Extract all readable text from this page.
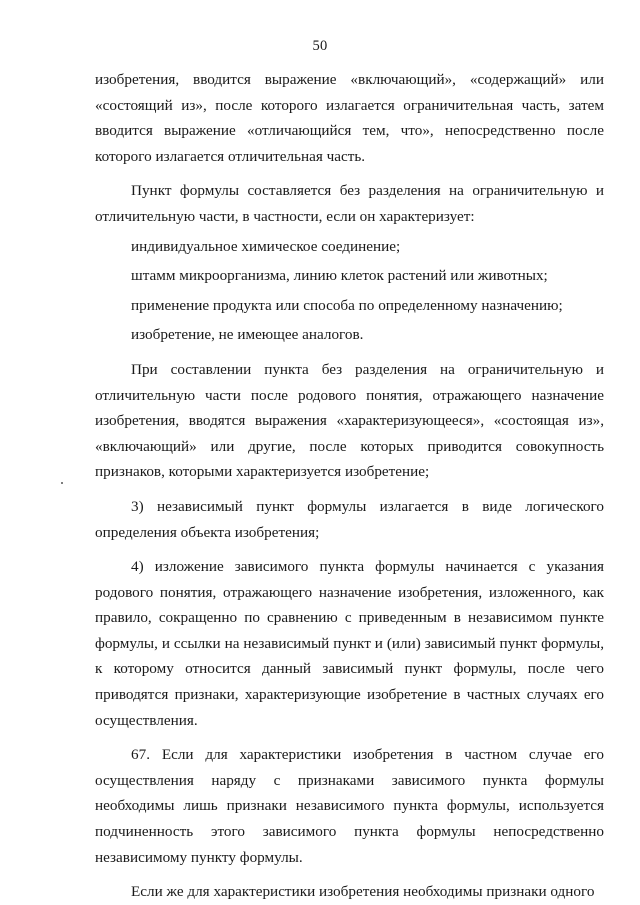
50

изобретения, вводится выражение «включающий», «содержащий» или «состоящий из», после которого излагается ограничительная часть, затем вводится выражение «отличающийся тем, что», непосредственно после которого излагается отличительная часть.

Пункт формулы составляется без разделения на ограничительную и отличительную части, в частности, если он характеризует:

индивидуальное химическое соединение;

штамм микроорганизма, линию клеток растений или животных;

применение продукта или способа по определенному назначению;

изобретение, не имеющее аналогов.

При составлении пункта без разделения на ограничительную и отличительную части после родового понятия, отражающего назначение изобретения, вводятся выражения «характеризующееся», «состоящая из», «включающий» или другие, после которых приводится совокупность признаков, которыми характеризуется изобретение;

3) независимый пункт формулы излагается в виде логического определения объекта изобретения;

4) изложение зависимого пункта формулы начинается с указания родового понятия, отражающего назначение изобретения, изложенного, как правило, сокращенно по сравнению с приведенным в независимом пункте формулы, и ссылки на независимый пункт и (или) зависимый пункт формулы, к которому относится данный зависимый пункт формулы, после чего приводятся признаки, характеризующие изобретение в частных случаях его осуществления.

67. Если для характеристики изобретения в частном случае его осуществления наряду с признаками зависимого пункта формулы необходимы лишь признаки независимого пункта формулы, используется подчиненность этого зависимого пункта формулы непосредственно независимому пункту формулы.

Если же для характеристики изобретения необходимы признаки одного
